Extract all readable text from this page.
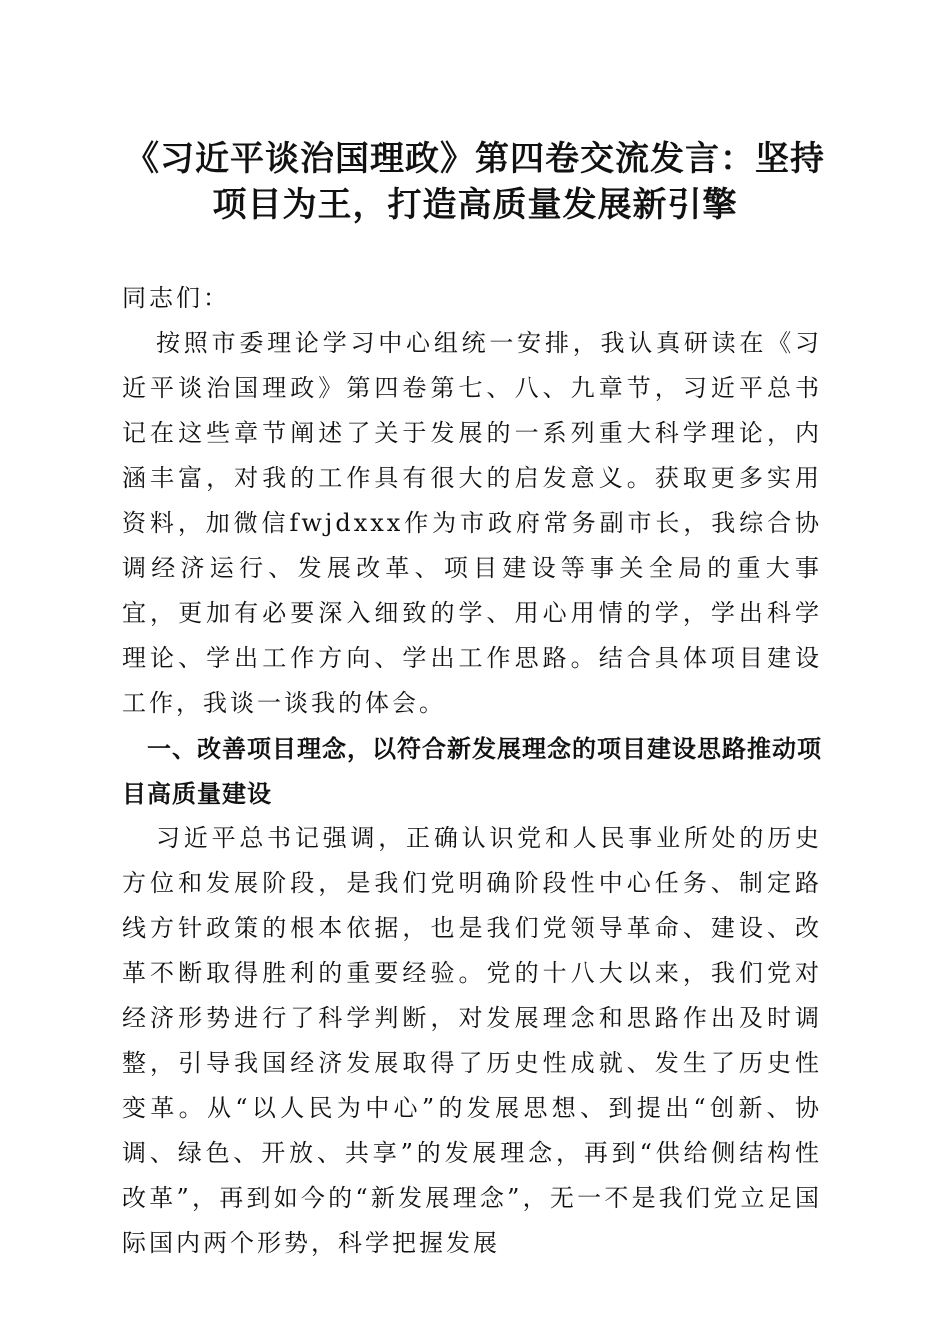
《习近平谈治国理政》第四卷交流发言：坚持
项目为王，打造高质量发展新引擎

同志们：

按照市委理论学习中心组统一安排，我认真研读在《习近平谈治国理政》第四卷第七、八、九章节，习近平总书记在这些章节阐述了关于发展的一系列重大科学理论，内涵丰富，对我的工作具有很大的启发意义。获取更多实用资料，加微信fwjdxxx作为市政府常务副市长，我综合协调经济运行、发展改革、项目建设等事关全局的重大事宜，更加有必要深入细致的学、用心用情的学，学出科学理论、学出工作方向、学出工作思路。结合具体项目建设工作，我谈一谈我的体会。

一、改善项目理念，以符合新发展理念的项目建设思路推动项目高质量建设

习近平总书记强调，正确认识党和人民事业所处的历史方位和发展阶段，是我们党明确阶段性中心任务、制定路线方针政策的根本依据，也是我们党领导革命、建设、改革不断取得胜利的重要经验。党的十八大以来，我们党对经济形势进行了科学判断，对发展理念和思路作出及时调整，引导我国经济发展取得了历史性成就、发生了历史性变革。从“以人民为中心”的发展思想、到提出“创新、协调、绿色、开放、共享”的发展理念，再到“供给侧结构性改革”，再到如今的“新发展理念”，无一不是我们党立足国际国内两个形势，科学把握发展
